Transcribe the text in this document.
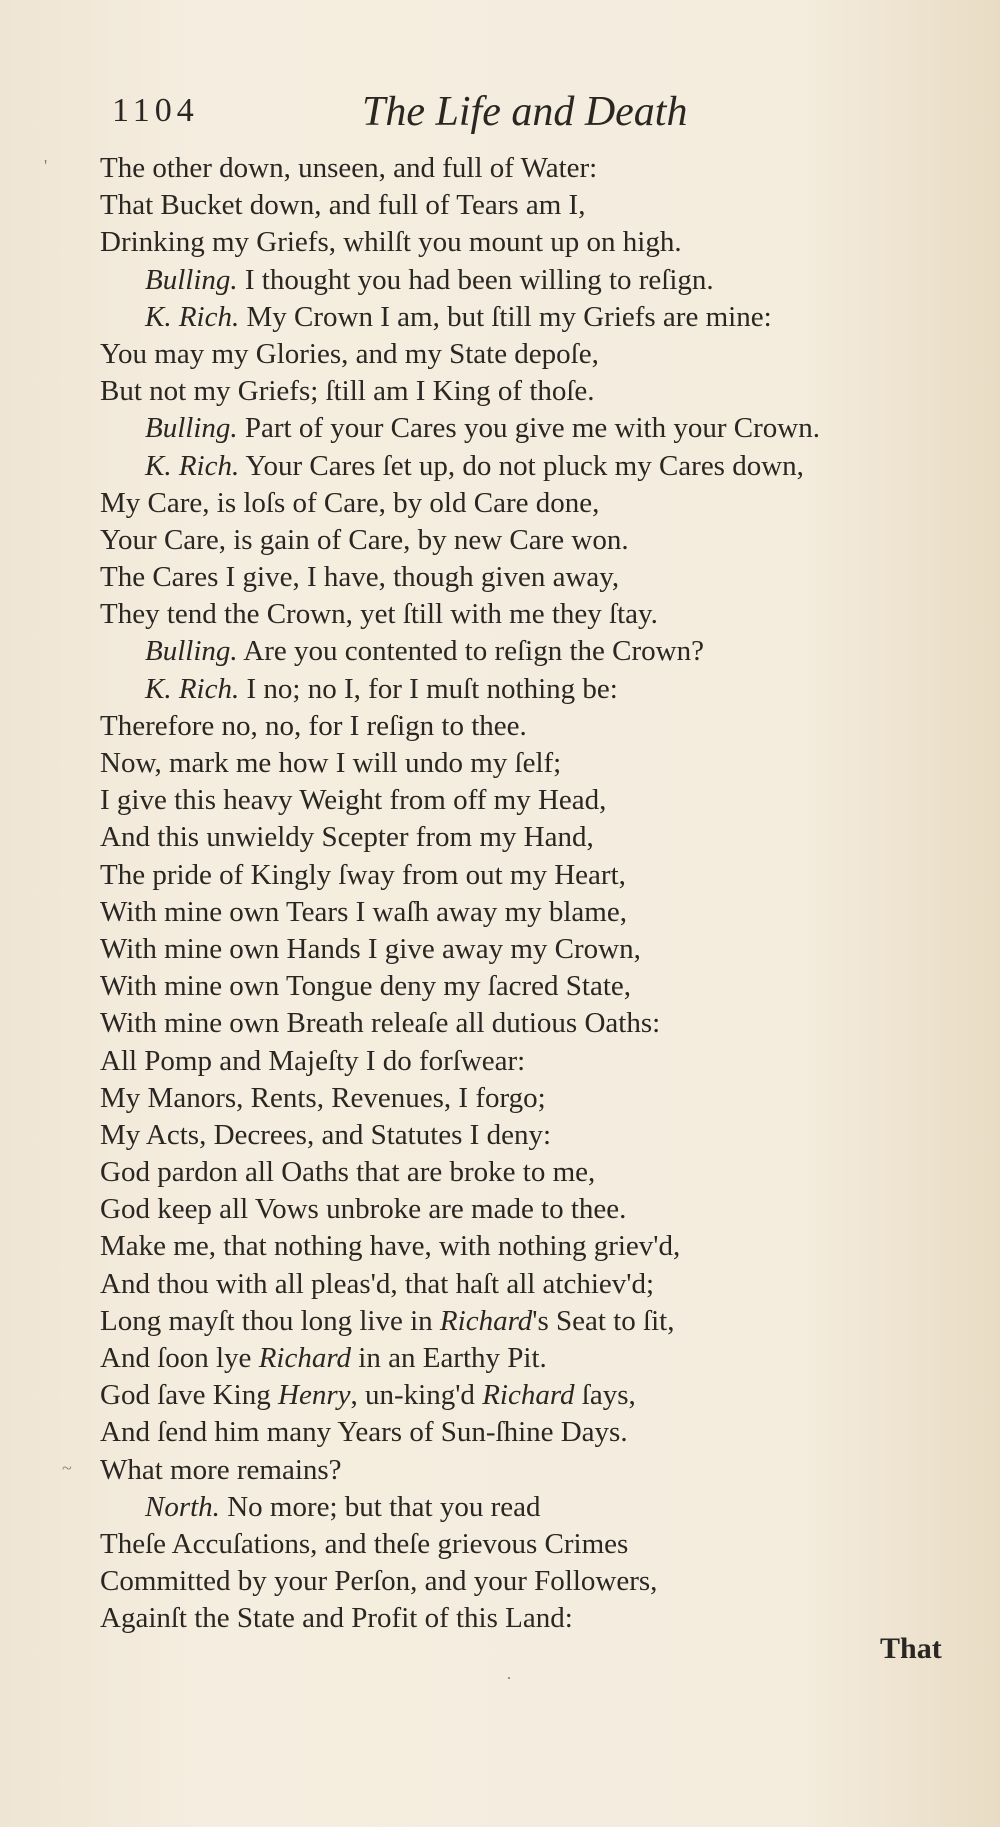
1104	The Life and Death
The other down, unseen, and full of Water:
That Bucket down, and full of Tears am I,
Drinking my Griefs, whilſt you mount up on high.
Bulling. I thought you had been willing to reſign.
K. Rich. My Crown I am, but ſtill my Griefs are mine:
You may my Glories, and my State depoſe,
But not my Griefs; ſtill am I King of thoſe.
Bulling. Part of your Cares you give me with your Crown.
K. Rich. Your Cares ſet up, do not pluck my Cares down,
My Care, is loſs of Care, by old Care done,
Your Care, is gain of Care, by new Care won.
The Cares I give, I have, though given away,
They tend the Crown, yet ſtill with me they ſtay.
Bulling. Are you contented to reſign the Crown?
K. Rich. I no; no I, for I muſt nothing be:
Therefore no, no, for I reſign to thee.
Now, mark me how I will undo my ſelf;
I give this heavy Weight from off my Head,
And this unwieldy Scepter from my Hand,
The pride of Kingly ſway from out my Heart,
With mine own Tears I waſh away my blame,
With mine own Hands I give away my Crown,
With mine own Tongue deny my ſacred State,
With mine own Breath releaſe all dutious Oaths:
All Pomp and Majeſty I do forſwear:
My Manors, Rents, Revenues, I forgo;
My Acts, Decrees, and Statutes I deny:
God pardon all Oaths that are broke to me,
God keep all Vows unbroke are made to thee.
Make me, that nothing have, with nothing griev'd,
And thou with all pleas'd, that haſt all atchiev'd;
Long mayſt thou long live in Richard's Seat to ſit,
And ſoon lye Richard in an Earthy Pit.
God ſave King Henry, un-king'd Richard ſays,
And ſend him many Years of Sun-ſhine Days.
What more remains?
North. No more; but that you read
Theſe Accuſations, and theſe grievous Crimes
Committed by your Perſon, and your Followers,
Againſt the State and Profit of this Land:
That
'
~
·
